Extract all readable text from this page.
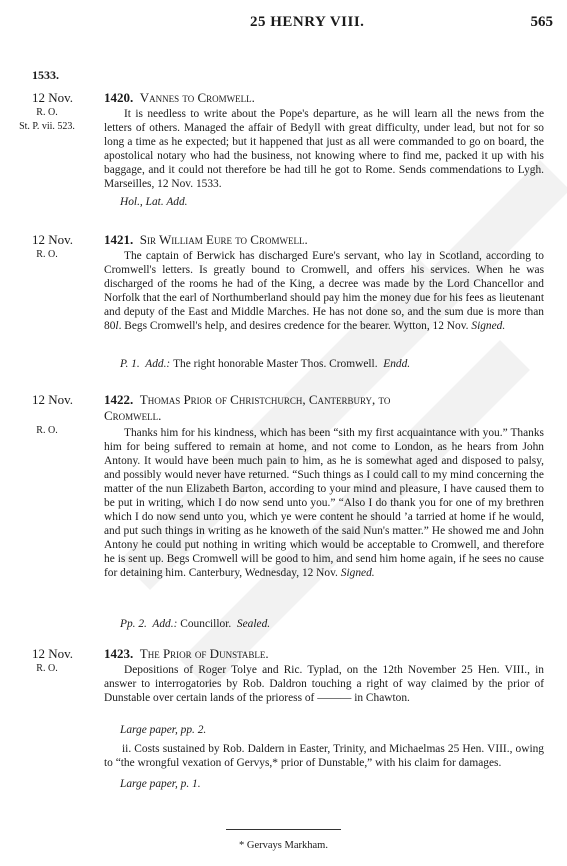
25 HENRY VIII.	565
1533.
12 Nov. 1420. Vannes to Cromwell.
R. O.
St. P. vii. 523.

It is needless to write about the Pope's departure, as he will learn all the news from the letters of others. Managed the affair of Bedyll with great difficulty, under lead, but not for so long a time as he expected; but it happened that just as all were commanded to go on board, the apostolical notary who had the business, not knowing where to find me, packed it up with his baggage, and it could not therefore be had till he got to Rome. Sends commendations to Lygh. Marseilles, 12 Nov. 1533.

Hol., Lat. Add.
12 Nov. 1421. Sir William Eure to Cromwell.
R. O.	The captain of Berwick has discharged Eure's servant, who lay in Scotland, according to Cromwell's letters. Is greatly bound to Cromwell, and offers his services. When he was discharged of the rooms he had of the King, a decree was made by the Lord Chancellor and Norfolk that the earl of Northumberland should pay him the money due for his fees as lieutenant and deputy of the East and Middle Marches. He has not done so, and the sum due is more than 80l. Begs Cromwell's help, and desires credence for the bearer. Wytton, 12 Nov. Signed.

P. 1. Add.: The right honorable Master Thos. Cromwell. Endd.
12 Nov. 1422. Thomas Prior of Christchurch, Canterbury, to
Cromwell.
R. O.	Thanks him for his kindness, which has been “sith my first acquaintance with you.” Thanks him for being suffered to remain at home, and not come to London, as he hears from John Antony. It would have been much pain to him, as he is somewhat aged and disposed to palsy, and possibly would never have returned. “Such things as I could call to my mind concerning the matter of the nun Elizabeth Barton, according to your mind and pleasure, I have caused them to be put in writing, which I do now send unto you.” “Also I do thank you for one of my brethren which I do now send unto you, which ye were content he should ’a tarried at home if he would, and put such things in writing as he knoweth of the said Nun's matter.” He showed me and John Antony he could put nothing in writing which would be acceptable to Cromwell, and therefore he is sent up. Begs Cromwell will be good to him, and send him home again, if he sees no cause for detaining him. Canterbury, Wednesday, 12 Nov. Signed.

Pp. 2. Add.: Councillor. Sealed.
12 Nov. 1423. The Prior of Dunstable.
R. O.	Depositions of Roger Tolye and Ric. Typlad, on the 12th November 25 Hen. VIII., in answer to interrogatories by Rob. Daldron touching a right of way claimed by the prior of Dunstable over certain lands of the prioress of ——— in Chawton.

Large paper, pp. 2.

ii. Costs sustained by Rob. Daldern in Easter, Trinity, and Michaelmas 25 Hen. VIII., owing to “the wrongful vexation of Gervys,* prior of Dunstable,” with his claim for damages.

Large paper, p. 1.
* Gervays Markham.
